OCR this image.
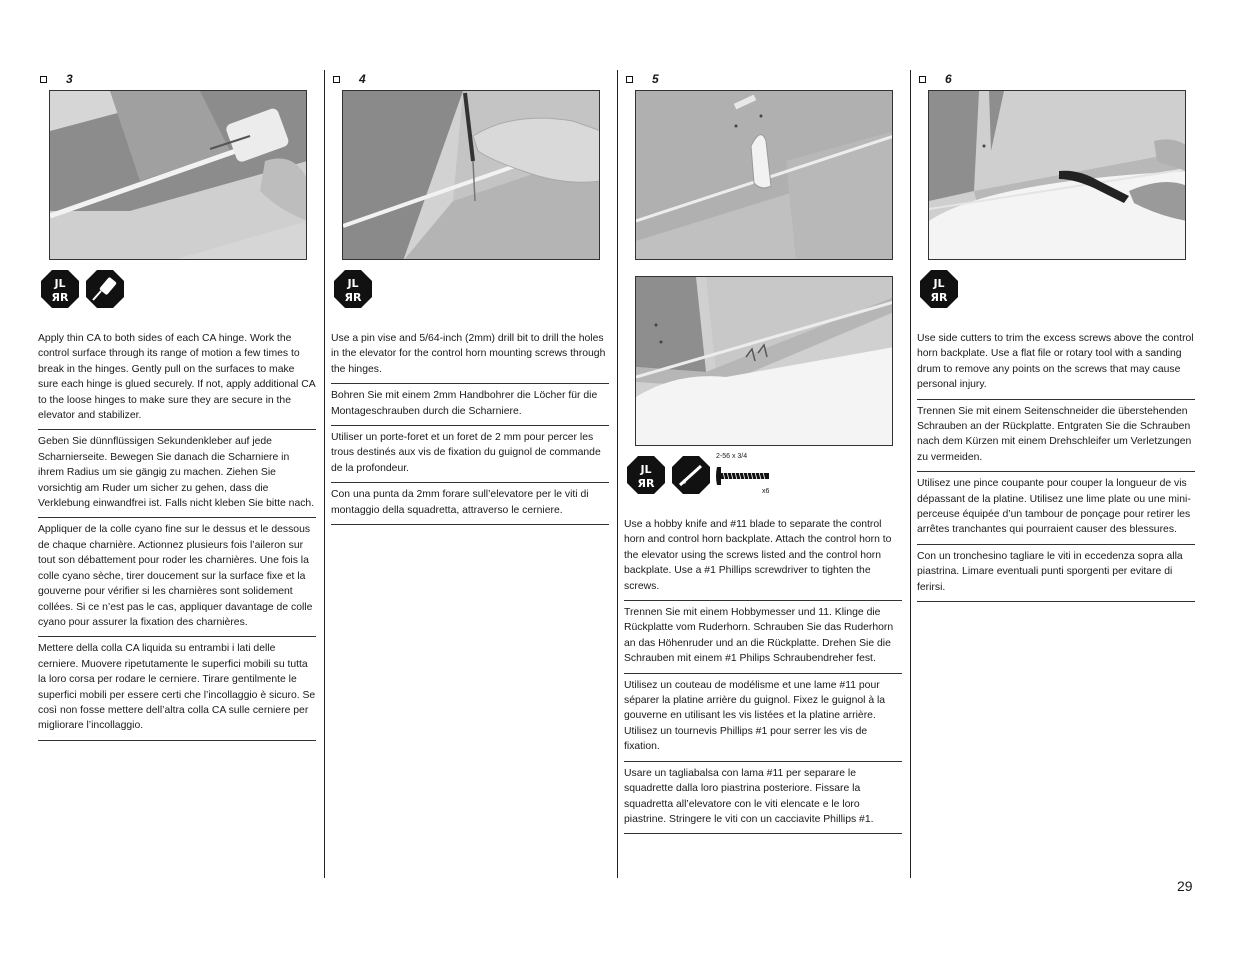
3
JL
ЯR
Apply thin CA to both sides of each CA hinge. Work the control surface through its range of motion a few times to break in the hinges. Gently pull on the surfaces to make sure each hinge is glued securely. If not, apply additional CA to the loose hinges to make sure they are secure in the elevator and stabilizer.
Geben Sie dünnflüssigen Sekundenkleber auf jede Scharnierseite. Bewegen Sie danach die Scharniere in ihrem Radius um sie gängig zu machen. Ziehen Sie vorsichtig am Ruder um sicher zu gehen, dass die Verklebung einwandfrei ist. Falls nicht kleben Sie bitte nach.
Appliquer de la colle cyano fine sur le dessus et le dessous de chaque charnière. Actionnez plusieurs fois l’aileron sur tout son débattement pour roder les charnières. Une fois la colle cyano sèche, tirer doucement sur la surface fixe et la gouverne pour vérifier si les charnières sont solidement collées. Si ce n’est pas le cas, appliquer davantage de colle cyano pour assurer la fixation des charnières.
Mettere della colla CA liquida su entrambi i lati delle cerniere. Muovere ripetutamente le superfici mobili su tutta la loro corsa per rodare le cerniere. Tirare gentilmente le superfici mobili per essere certi che l’incollaggio è sicuro. Se così non fosse mettere dell’altra colla CA sulle cerniere per migliorare l’incollaggio.
4
JL
ЯR
Use a pin vise and 5/64-inch (2mm) drill bit to drill the holes in the elevator for the control horn mounting screws through the hinges.
Bohren Sie mit einem 2mm Handbohrer die Löcher für die Montageschrauben durch die Scharniere.
Utiliser un porte-foret et un foret de 2 mm pour percer les trous destinés aux vis de fixation du guignol de commande de la profondeur.
Con una punta da 2mm forare sull’elevatore per le viti di montaggio della squadretta, attraverso le cerniere.
5
JL
ЯR
2-56 x 3/4
x6
Use a hobby knife and #11 blade to separate the control horn and control horn backplate. Attach the control horn to the elevator using the screws listed and the control horn backplate. Use a #1 Phillips screwdriver to tighten the screws.
Trennen Sie mit einem Hobbymesser und 11. Klinge die Rückplatte vom Ruderhorn. Schrauben Sie das Ruderhorn an das Höhenruder und an die Rückplatte. Drehen Sie die Schrauben mit einem #1 Philips Schraubendreher fest.
Utilisez un couteau de modélisme et une lame #11 pour séparer la platine arrière du guignol. Fixez le guignol à la gouverne en utilisant les vis listées et la platine arrière. Utilisez un tournevis Phillips #1 pour serrer les vis de fixation.
Usare un tagliabalsa con lama #11 per separare le squadrette dalla loro piastrina posteriore. Fissare la squadretta all’elevatore con le viti elencate e le loro piastrine. Stringere le viti con un cacciavite Phillips #1.
6
JL
ЯR
Use side cutters to trim the excess screws above the control horn backplate. Use a flat file or rotary tool with a sanding drum to remove any points on the screws that may cause personal injury.
Trennen Sie mit einem Seitenschneider die überstehenden Schrauben an der Rückplatte. Entgraten Sie die Schrauben nach dem Kürzen mit einem Drehschleifer um Verletzungen zu vermeiden.
Utilisez une pince coupante pour couper la longueur de vis dépassant de la platine. Utilisez une lime plate ou une mini-perceuse équipée d’un tambour de ponçage pour retirer les arrêtes tranchantes qui pourraient causer des blessures.
Con un tronchesino tagliare le viti in eccedenza sopra alla piastrina. Limare eventuali punti sporgenti per evitare di ferirsi.
29
